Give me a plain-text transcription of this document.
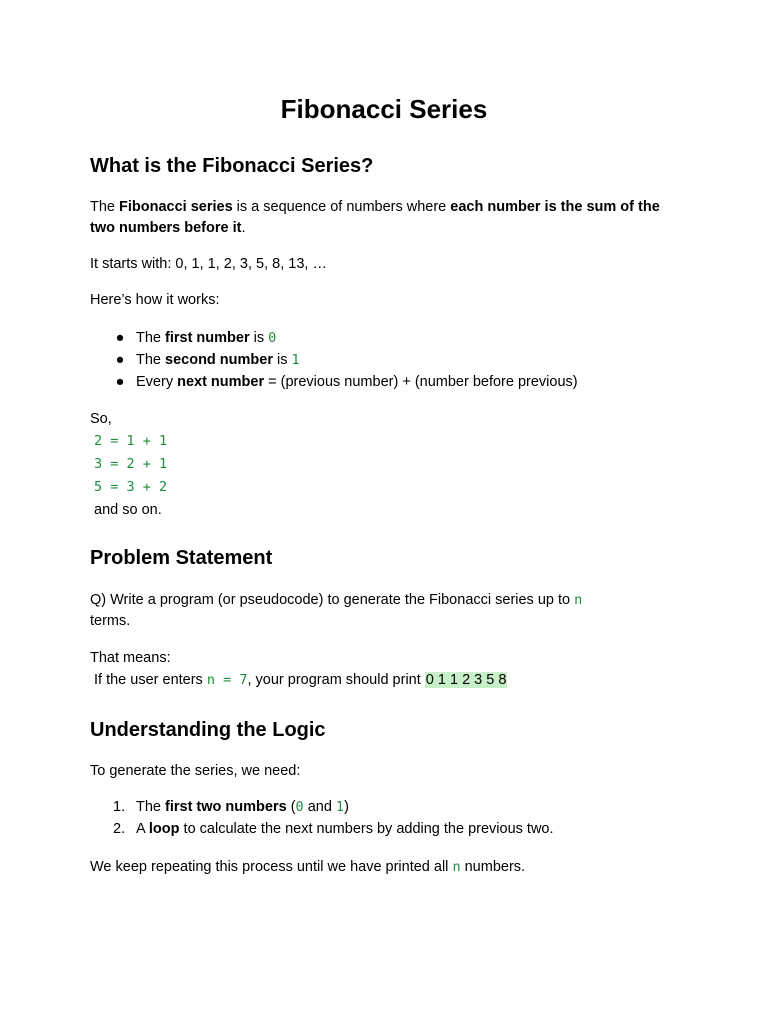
Fibonacci Series
What is the Fibonacci Series?

The Fibonacci series is a sequence of numbers where each number is the sum of the two numbers before it.

It starts with: 0, 1, 1, 2, 3, 5, 8, 13, …

Here’s how it works:

● The first number is 0
● The second number is 1
● Every next number = (previous number) + (number before previous)

So,

2 = 1 + 1
3 = 2 + 1
5 = 3 + 2

and so on.

Problem Statement

Q) Write a program (or pseudocode) to generate the Fibonacci series up to n

terms.

That means:

If the user enters n = 7, your program should print 0 1 1 2 3 5 8

Understanding the Logic

To generate the series, we need:

1. The first two numbers (0 and 1)
2. A loop to calculate the next numbers by adding the previous two.

We keep repeating this process until we have printed all n numbers.
